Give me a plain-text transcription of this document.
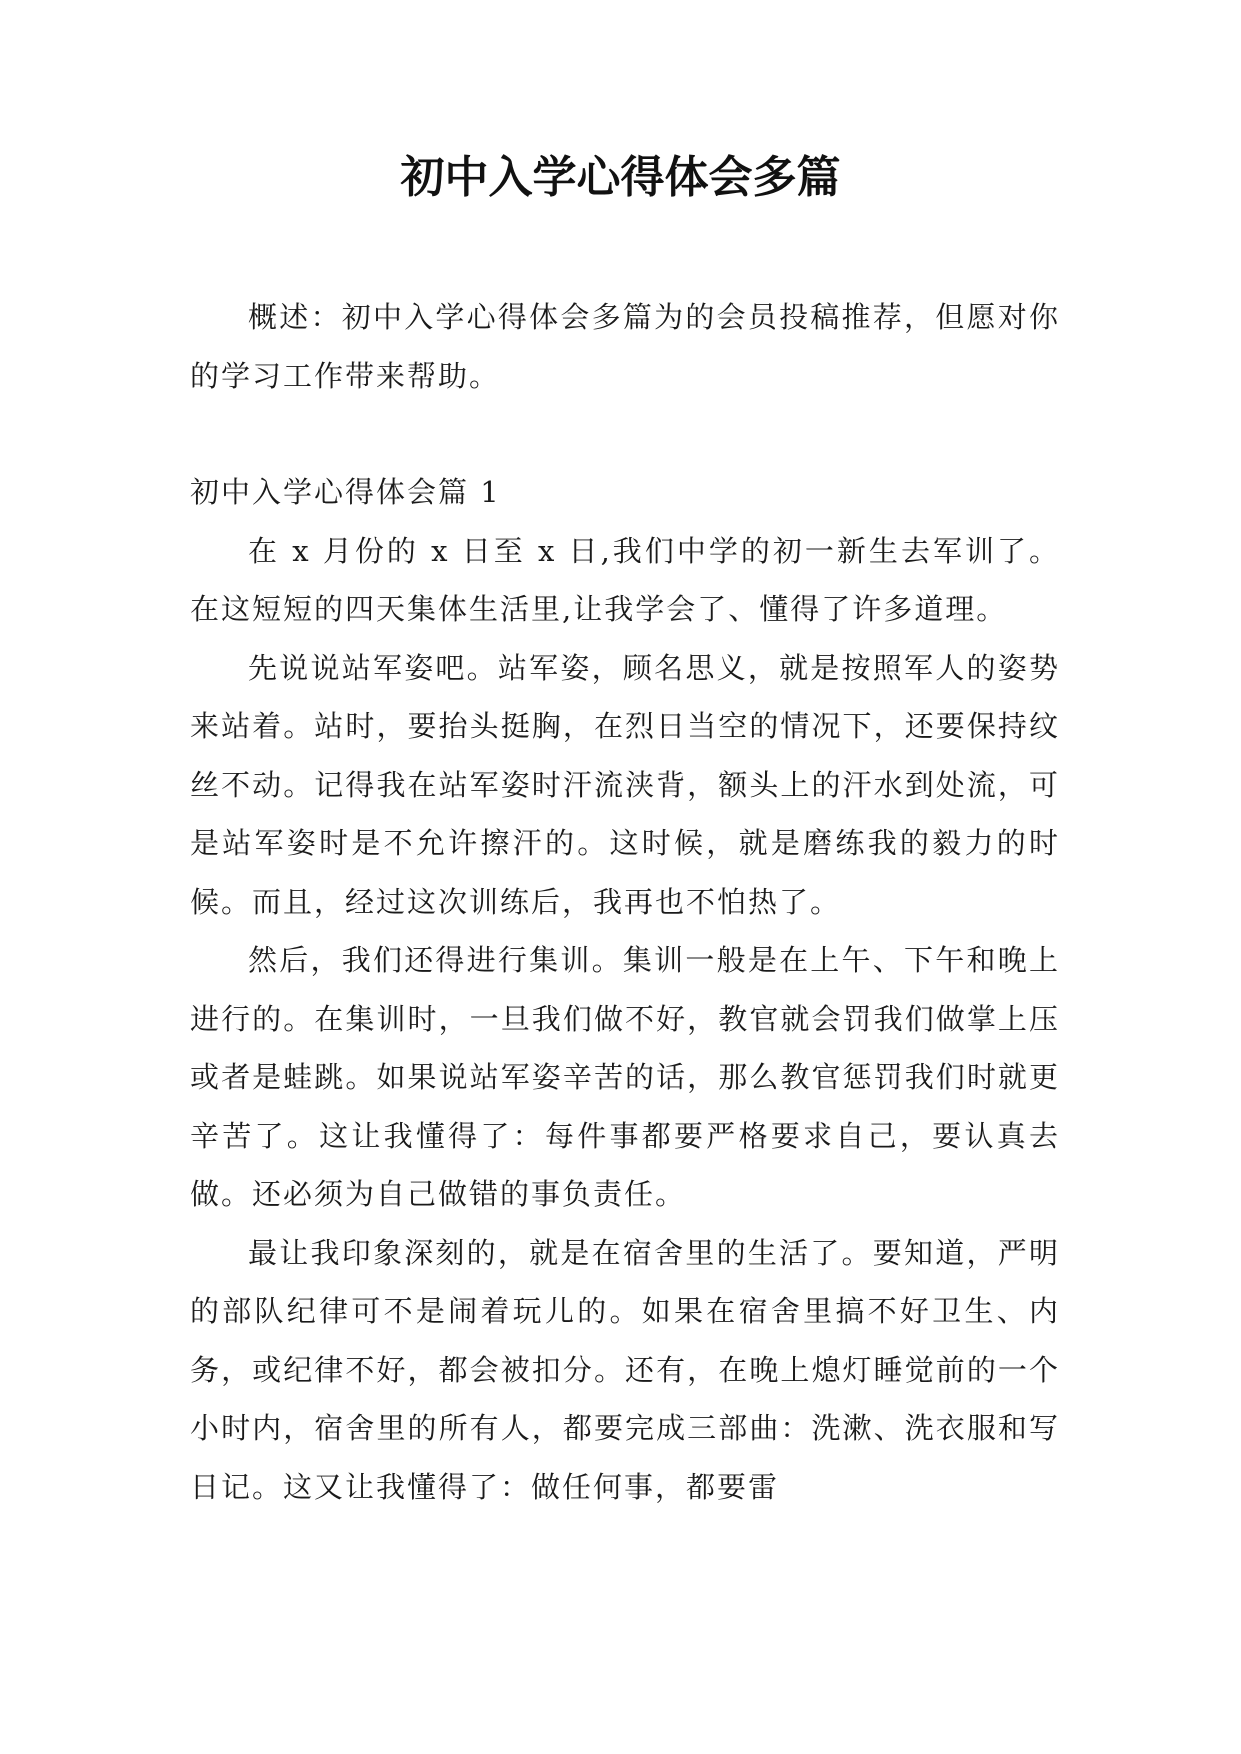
初中入学心得体会多篇

概述：初中入学心得体会多篇为的会员投稿推荐，但愿对你的学习工作带来帮助。

初中入学心得体会篇 1

在 x 月份的 x 日至 x 日,我们中学的初一新生去军训了。在这短短的四天集体生活里,让我学会了、懂得了许多道理。

先说说站军姿吧。站军姿，顾名思义，就是按照军人的姿势来站着。站时，要抬头挺胸，在烈日当空的情况下，还要保持纹丝不动。记得我在站军姿时汗流浃背，额头上的汗水到处流，可是站军姿时是不允许擦汗的。这时候，就是磨练我的毅力的时候。而且，经过这次训练后，我再也不怕热了。

然后，我们还得进行集训。集训一般是在上午、下午和晚上进行的。在集训时，一旦我们做不好，教官就会罚我们做掌上压或者是蛙跳。如果说站军姿辛苦的话，那么教官惩罚我们时就更辛苦了。这让我懂得了：每件事都要严格要求自己，要认真去做。还必须为自己做错的事负责任。

最让我印象深刻的，就是在宿舍里的生活了。要知道，严明的部队纪律可不是闹着玩儿的。如果在宿舍里搞不好卫生、内务，或纪律不好，都会被扣分。还有，在晚上熄灯睡觉前的一个小时内，宿舍里的所有人，都要完成三部曲：洗漱、洗衣服和写日记。这又让我懂得了：做任何事，都要雷
